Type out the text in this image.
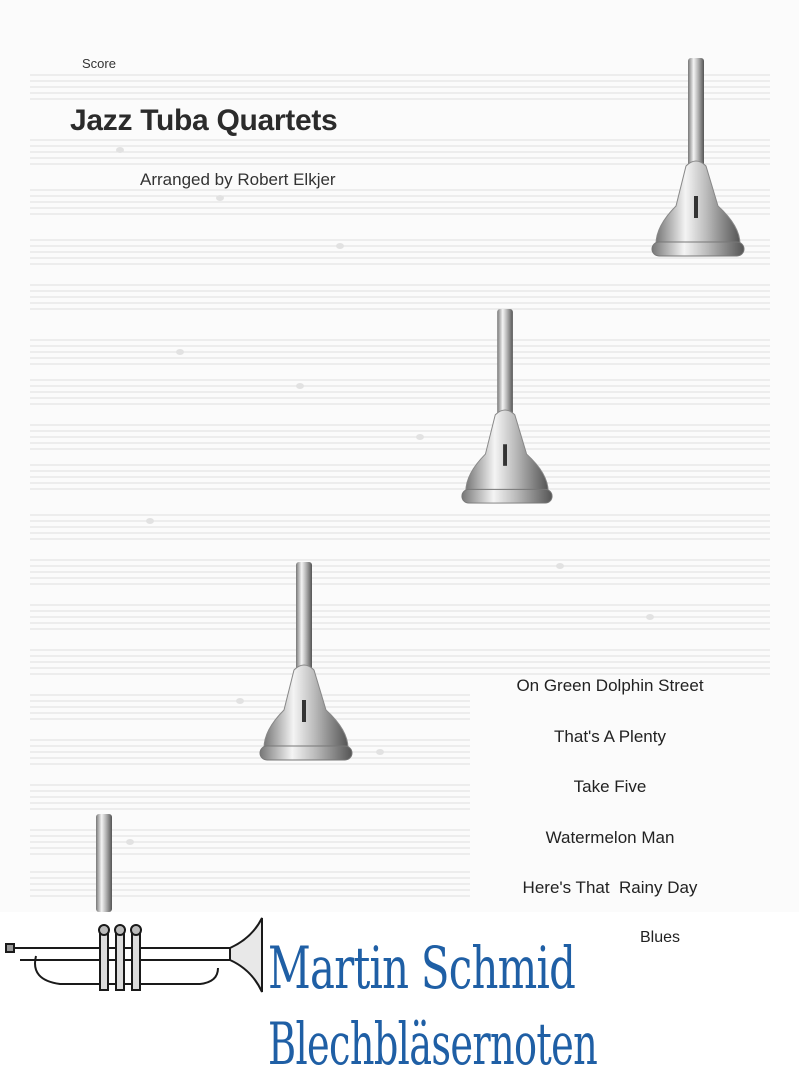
Score
Jazz Tuba Quartets
Arranged by Robert Elkjer
On Green Dolphin Street
That's A Plenty
Take Five
Watermelon Man
Here's That  Rainy Day
Blues
Martin Schmid
Blechbläsernoten
